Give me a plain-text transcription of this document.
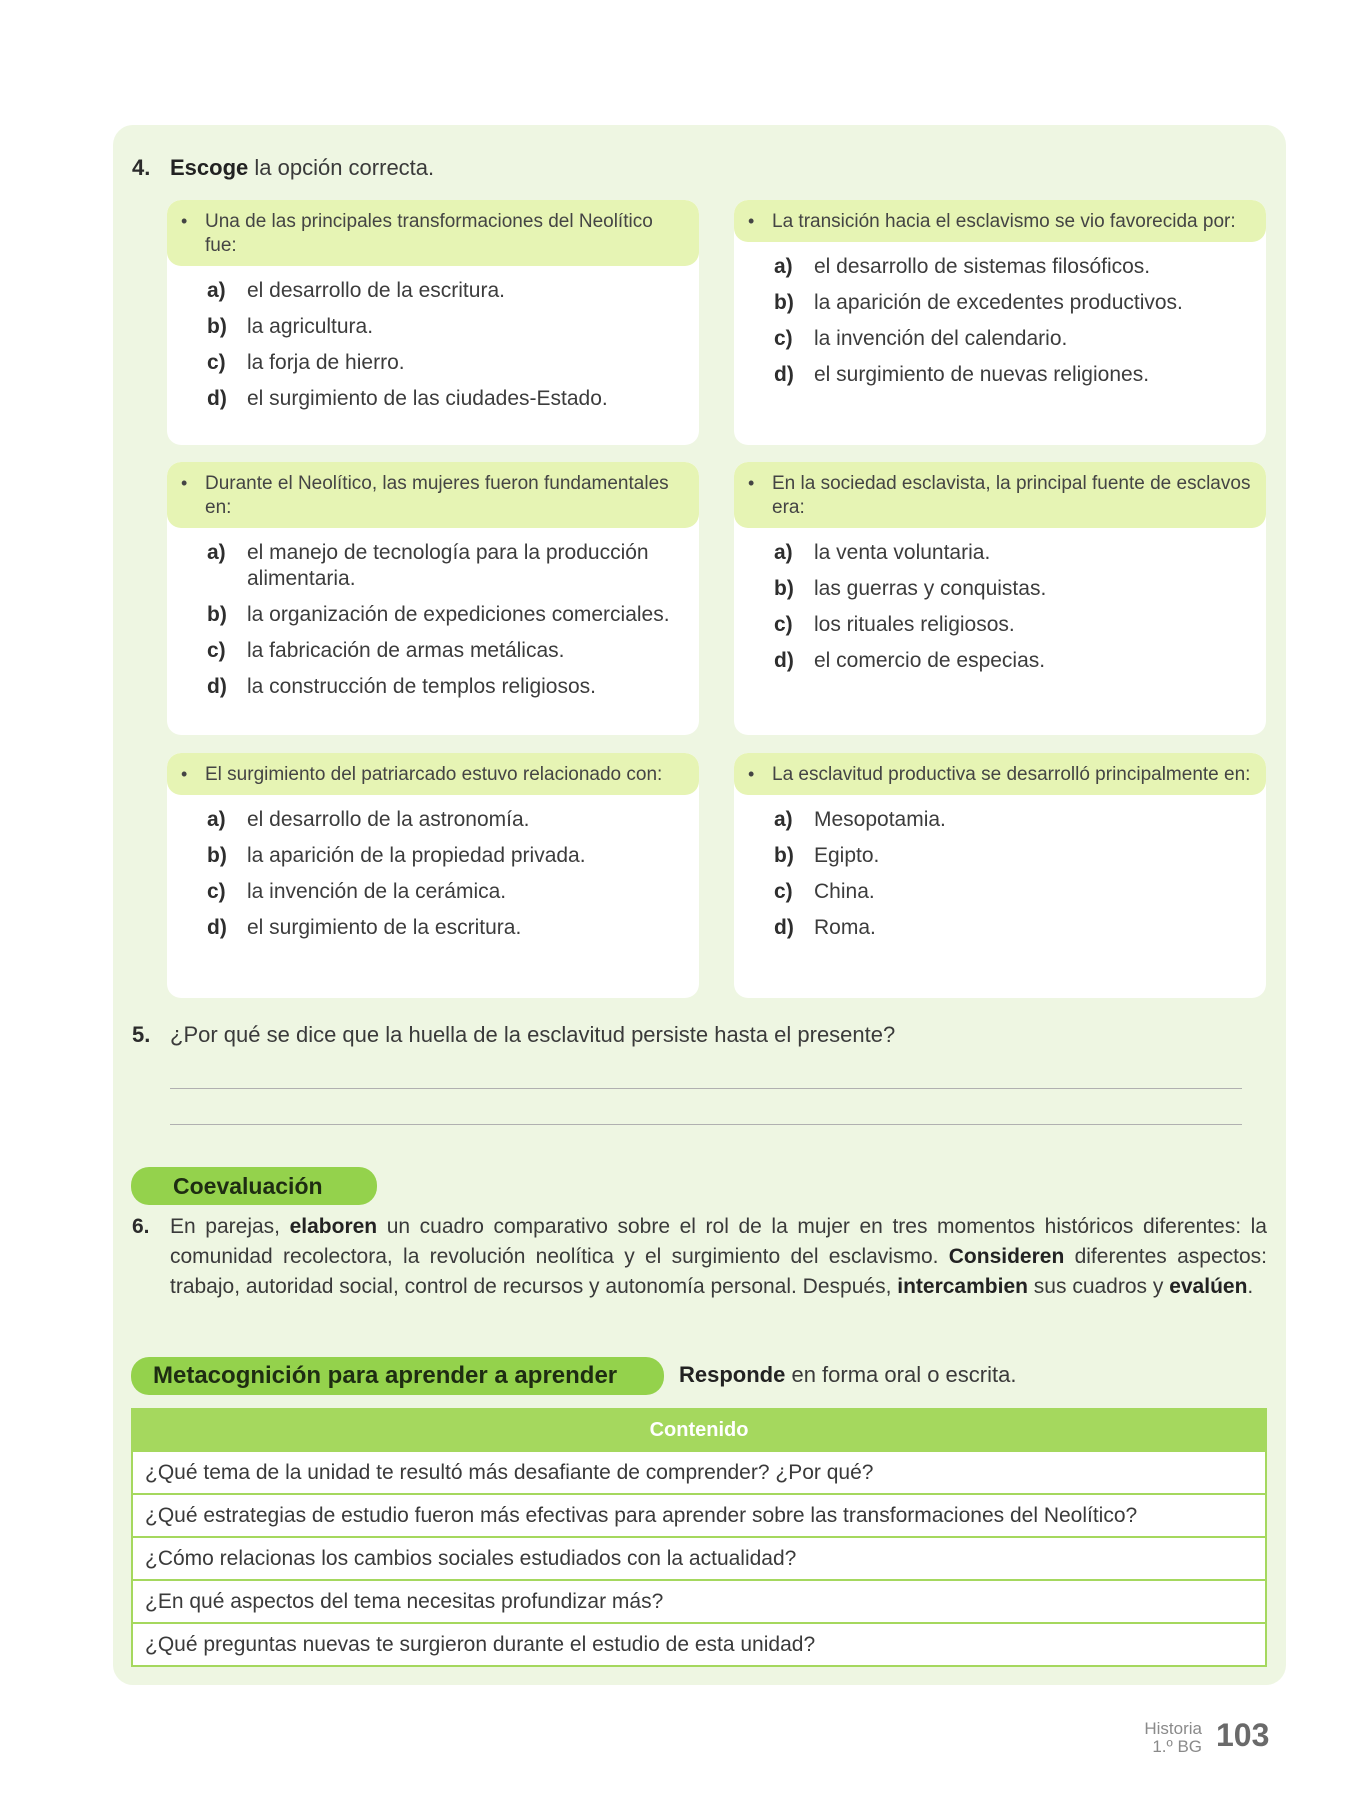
4. Escoge la opción correcta.
• Una de las principales transformaciones del Neolítico fue:
a)	el desarrollo de la escritura.
b) la agricultura.
c)	la forja de hierro.
d) el surgimiento de las ciudades-Estado.
• La transición hacia el esclavismo se vio favorecida por:
a)	el desarrollo de sistemas filosóficos.
b) la aparición de excedentes productivos.
c)	la invención del calendario.
d) el surgimiento de nuevas religiones.
• Durante el Neolítico, las mujeres fueron fundamentales en:
a)	el manejo de tecnología para la producción alimentaria.
b) la organización de expediciones comerciales.
c)	la fabricación de armas metálicas.
d) la construcción de templos religiosos.
• En la sociedad esclavista, la principal fuente de esclavos era:
a)	la venta voluntaria.
b) las guerras y conquistas.
c)	los rituales religiosos.
d) el comercio de especias.
• El surgimiento del patriarcado estuvo relacionado con:
a)	el desarrollo de la astronomía.
b) la aparición de la propiedad privada.
c)	la invención de la cerámica.
d) el surgimiento de la escritura.
• La esclavitud productiva se desarrolló principalmente en:
a)	Mesopotamia.
b) Egipto.
c)	China.
d) Roma.
5. ¿Por qué se dice que la huella de la esclavitud persiste hasta el presente?
Coevaluación
6. En parejas, elaboren un cuadro comparativo sobre el rol de la mujer en tres momentos históricos diferentes: la comunidad recolectora, la revolución neolítica y el surgimiento del esclavismo. Consideren diferentes aspectos: trabajo, autoridad social, control de recursos y autonomía personal. Después, intercambien sus cuadros y evalúen.
Metacognición para aprender a aprender	Responde en forma oral o escrita.
Contenido
¿Qué tema de la unidad te resultó más desafiante de comprender? ¿Por qué?
¿Qué estrategias de estudio fueron más efectivas para aprender sobre las transformaciones del Neolítico?
¿Cómo relacionas los cambios sociales estudiados con la actualidad?
¿En qué aspectos del tema necesitas profundizar más?
¿Qué preguntas nuevas te surgieron durante el estudio de esta unidad?
Historia
1.º BG 103
